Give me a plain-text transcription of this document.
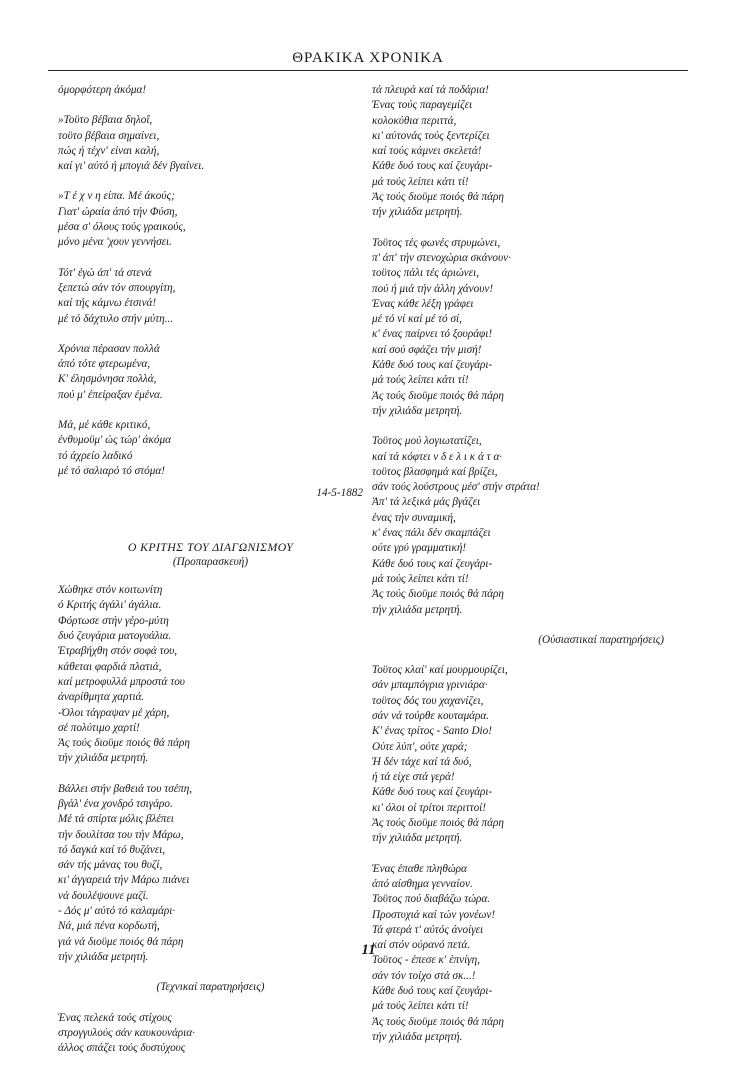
ΘΡΑΚΙΚΑ ΧΡΟΝΙΚΑ
όμορφότερη άκόμα!
»Τοϋτο βέβαια δηλοΐ,
τοϋτο βέβαια σημαίνει,
πώς ή τέχν' είναι καλή,
καί γι' αύτό ή μπογιά δέν βγαίνει.
»Τ έ χ ν η είπα. Μέ άκούς;
Γιατ' ώραία άπό τήν Φύση,
μέσα σ' όλους τούς γραικούς,
μόνο μένα 'χουν γεννήσει.
Τότ' έγώ άπ' τά στενά
ξεπετώ σάν τόν σπουργίτη,
καί τής κάμνω έτσινά!
μέ τό δάχτυλο στήν μύτη...
Χρόνια πέρασαν πολλά
άπό τότε φτερωμένα,
Κ' έλησμόνησα πολλά,
πού μ' έπείραξαν έμένα.
Μά, μέ κάθε κριτικό,
ένθυμοϋμ' ώς τώρ' άκόμα
τό άχρείο λαδικό
μέ τό σαλιαρό τό στόμα!
14-5-1882
Ο ΚΡΙΤΗΣ ΤΟΥ ΔΙΑΓΩΝΙΣΜΟΥ
(Προπαρασκευή)
Χώθηκε στόν κοιτωνίτη
ό Κριτής άγάλι' άγάλια.
Φόρτωσε στήν γέρο-μύτη
δυό ζευγάρια ματογυάλια.
Έτραβήχθη στόν σοφά του,
κάθεται φαρδιά πλατιά,
καί μετροφυλλά μπροστά του
άναρίθμητα χαρτιά.
-Όλοι τάγραψαν μέ χάρη,
σέ πολύτιμο χαρτί!
Άς τούς διοϋμε ποιός θά πάρη
τήν χιλιάδα μετρητή.
Βάλλει στήν βαθειά του τσέπη,
βγάλ' ένα χονδρό τσιγάρο.
Μέ τά σπίρτα μόλις βλέπει
τήν δουλίτσα του τήν Μάρω,
τό δαγκά καί τό θυζάνει,
σάν τής μάνας του θυζί,
κι' άγγαρειά τήν Μάρω πιάνει
νά δουλέψουνε μαζί.
- Δός μ' αύτό τό καλαμάρι·
Νά, μιά πένα κορδωτή,
γιά νά διοϋμε ποιός θά πάρη
τήν χιλιάδα μετρητή.
(Τεχνικαί παρατηρήσεις)
Ένας πελεκά τούς στίχους
στρογγυλούς σάν καυκουνάρια·
άλλος σπάζει τούς δυστύχους
τά πλευρά καί τά ποδάρια!
Ένας τούς παραγεμίζει
κολοκύθια περιττά,
κι' αύτονάς τούς ξεντερίζει
καί τούς κάμνει σκελετά!
Κάθε δυό τους καί ζευγάρι-
μά τούς λείπει κάτι τί!
Άς τούς διοϋμε ποιός θά πάρη
τήν χιλιάδα μετρητή.
Τοϋτος τές φωνές στρυμώνει,
π' άπ' τήν στενοχώρια σκάνουν·
τοϋτος πάλι τές άριώνει,
πού ή μιά τήν άλλη χάνουν!
Ένας κάθε λέξη γράφει
μέ τό νί καί μέ τό σί,
κ' ένας παίρνει τό ξουράφι!
καί σού σφάζει τήν μισή!
Κάθε δυό τους καί ζευγάρι-
μά τούς λείπει κάτι τί!
Άς τούς διοϋμε ποιός θά πάρη
τήν χιλιάδα μετρητή.
Τοϋτος μού λογιωτατίζει,
καί τά κόφτει ν δ ε λ ι κ ά τ α·
τοϋτος βλασφημά καί βρίζει,
σάν τούς λούστρους μέσ' στήν στράτα!
Άπ' τά λεξικά μάς βγάζει
ένας τήν συναμική,
κ' ένας πάλι δέν σκαμπάζει
ούτε γρύ γραμματική!
Κάθε δυό τους καί ζευγάρι-
μά τούς λείπει κάτι τί!
Άς τούς διοϋμε ποιός θά πάρη
τήν χιλιάδα μετρητή.
(Ούσιαστικαί παρατηρήσεις)
Τοϋτος κλαί' καί μουρμουρίζει,
σάν μπαμπόγρια γρινιάρα·
τοϋτος δός του χαχανίζει,
σάν νά τούρθε κουταμάρα.
Κ' ένας τρίτος - Santo Dio!
Ούτε λύπ', ούτε χαρά;
Ή δέν τάχε καί τά δυό,
ή τά είχε στά γερά!
Κάθε δυό τους καί ζευγάρι-
κι' όλοι οί τρίτοι περιττοί!
Άς τούς διοϋμε ποιός θά πάρη
τήν χιλιάδα μετρητή.
Ένας έπαθε πληθώρα
άπό αίσθημα γενναίον.
Τοϋτος πού διαβάζω τώρα.
Προστυχιά καί τών γονέων!
Τά φτερά τ' αύτός άνοίγει
καί στόν ούρανό πετά.
Τοϋτος - έπεσε κ' έπνίγη,
σάν τόν τοίχο στά σκ...!
Κάθε δυό τους καί ζευγάρι-
μά τούς λείπει κάτι τί!
Άς τούς διοϋμε ποιός θά πάρη
τήν χιλιάδα μετρητή.
11
